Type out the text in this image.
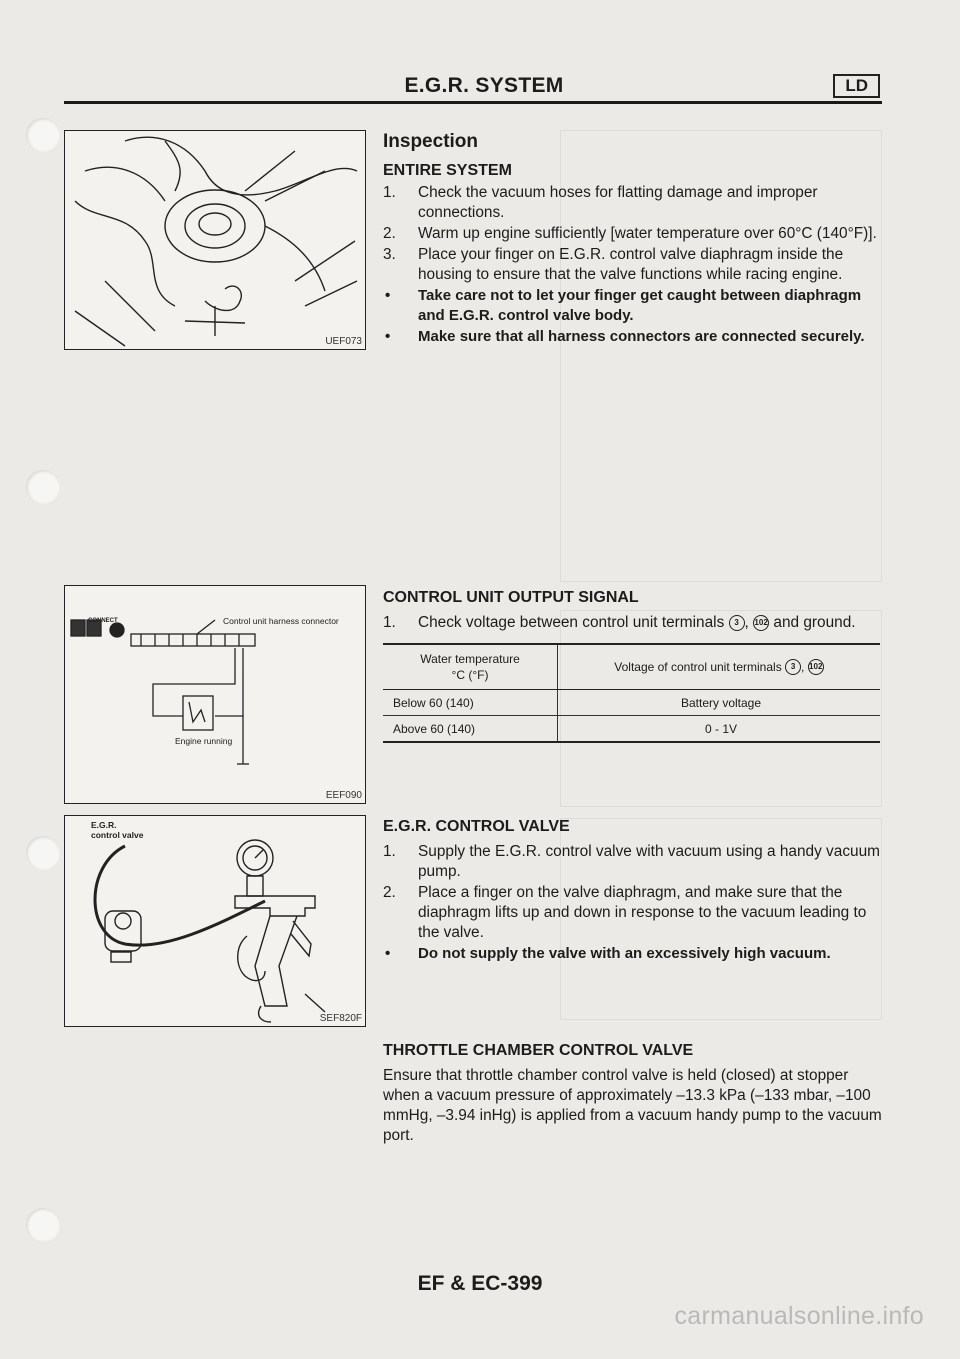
E.G.R. SYSTEM	LD
UEF073
CONNECT	Control unit harness connector
Engine running
EEF090
E.G.R.
control valve
SEF820F
Inspection
ENTIRE SYSTEM
1. Check the vacuum hoses for flatting damage and improper connections.
2. Warm up engine sufficiently [water temperature over 60°C (140°F)].
3. Place your finger on E.G.R. control valve diaphragm inside the housing to ensure that the valve functions while racing engine.
• Take care not to let your finger get caught between diaphragm and E.G.R. control valve body.
• Make sure that all harness connectors are connected securely.
CONTROL UNIT OUTPUT SIGNAL
1. Check voltage between control unit terminals 3 , 102 and ground.
Water temperature
°C (°F)	Voltage of control unit terminals 3 , 102
Below 60 (140)	Battery voltage
Above 60 (140)	0 - 1V
E.G.R. CONTROL VALVE
1. Supply the E.G.R. control valve with vacuum using a handy vacuum pump.
2. Place a finger on the valve diaphragm, and make sure that the diaphragm lifts up and down in response to the vacuum leading to the valve.
• Do not supply the valve with an excessively high vacuum.
THROTTLE CHAMBER CONTROL VALVE
Ensure that throttle chamber control valve is held (closed) at stopper when a vacuum pressure of approximately –13.3 kPa (–133 mbar, –100 mmHg, –3.94 inHg) is applied from a vacuum handy pump to the vacuum port.
EF & EC-399
carmanualsonline.info
